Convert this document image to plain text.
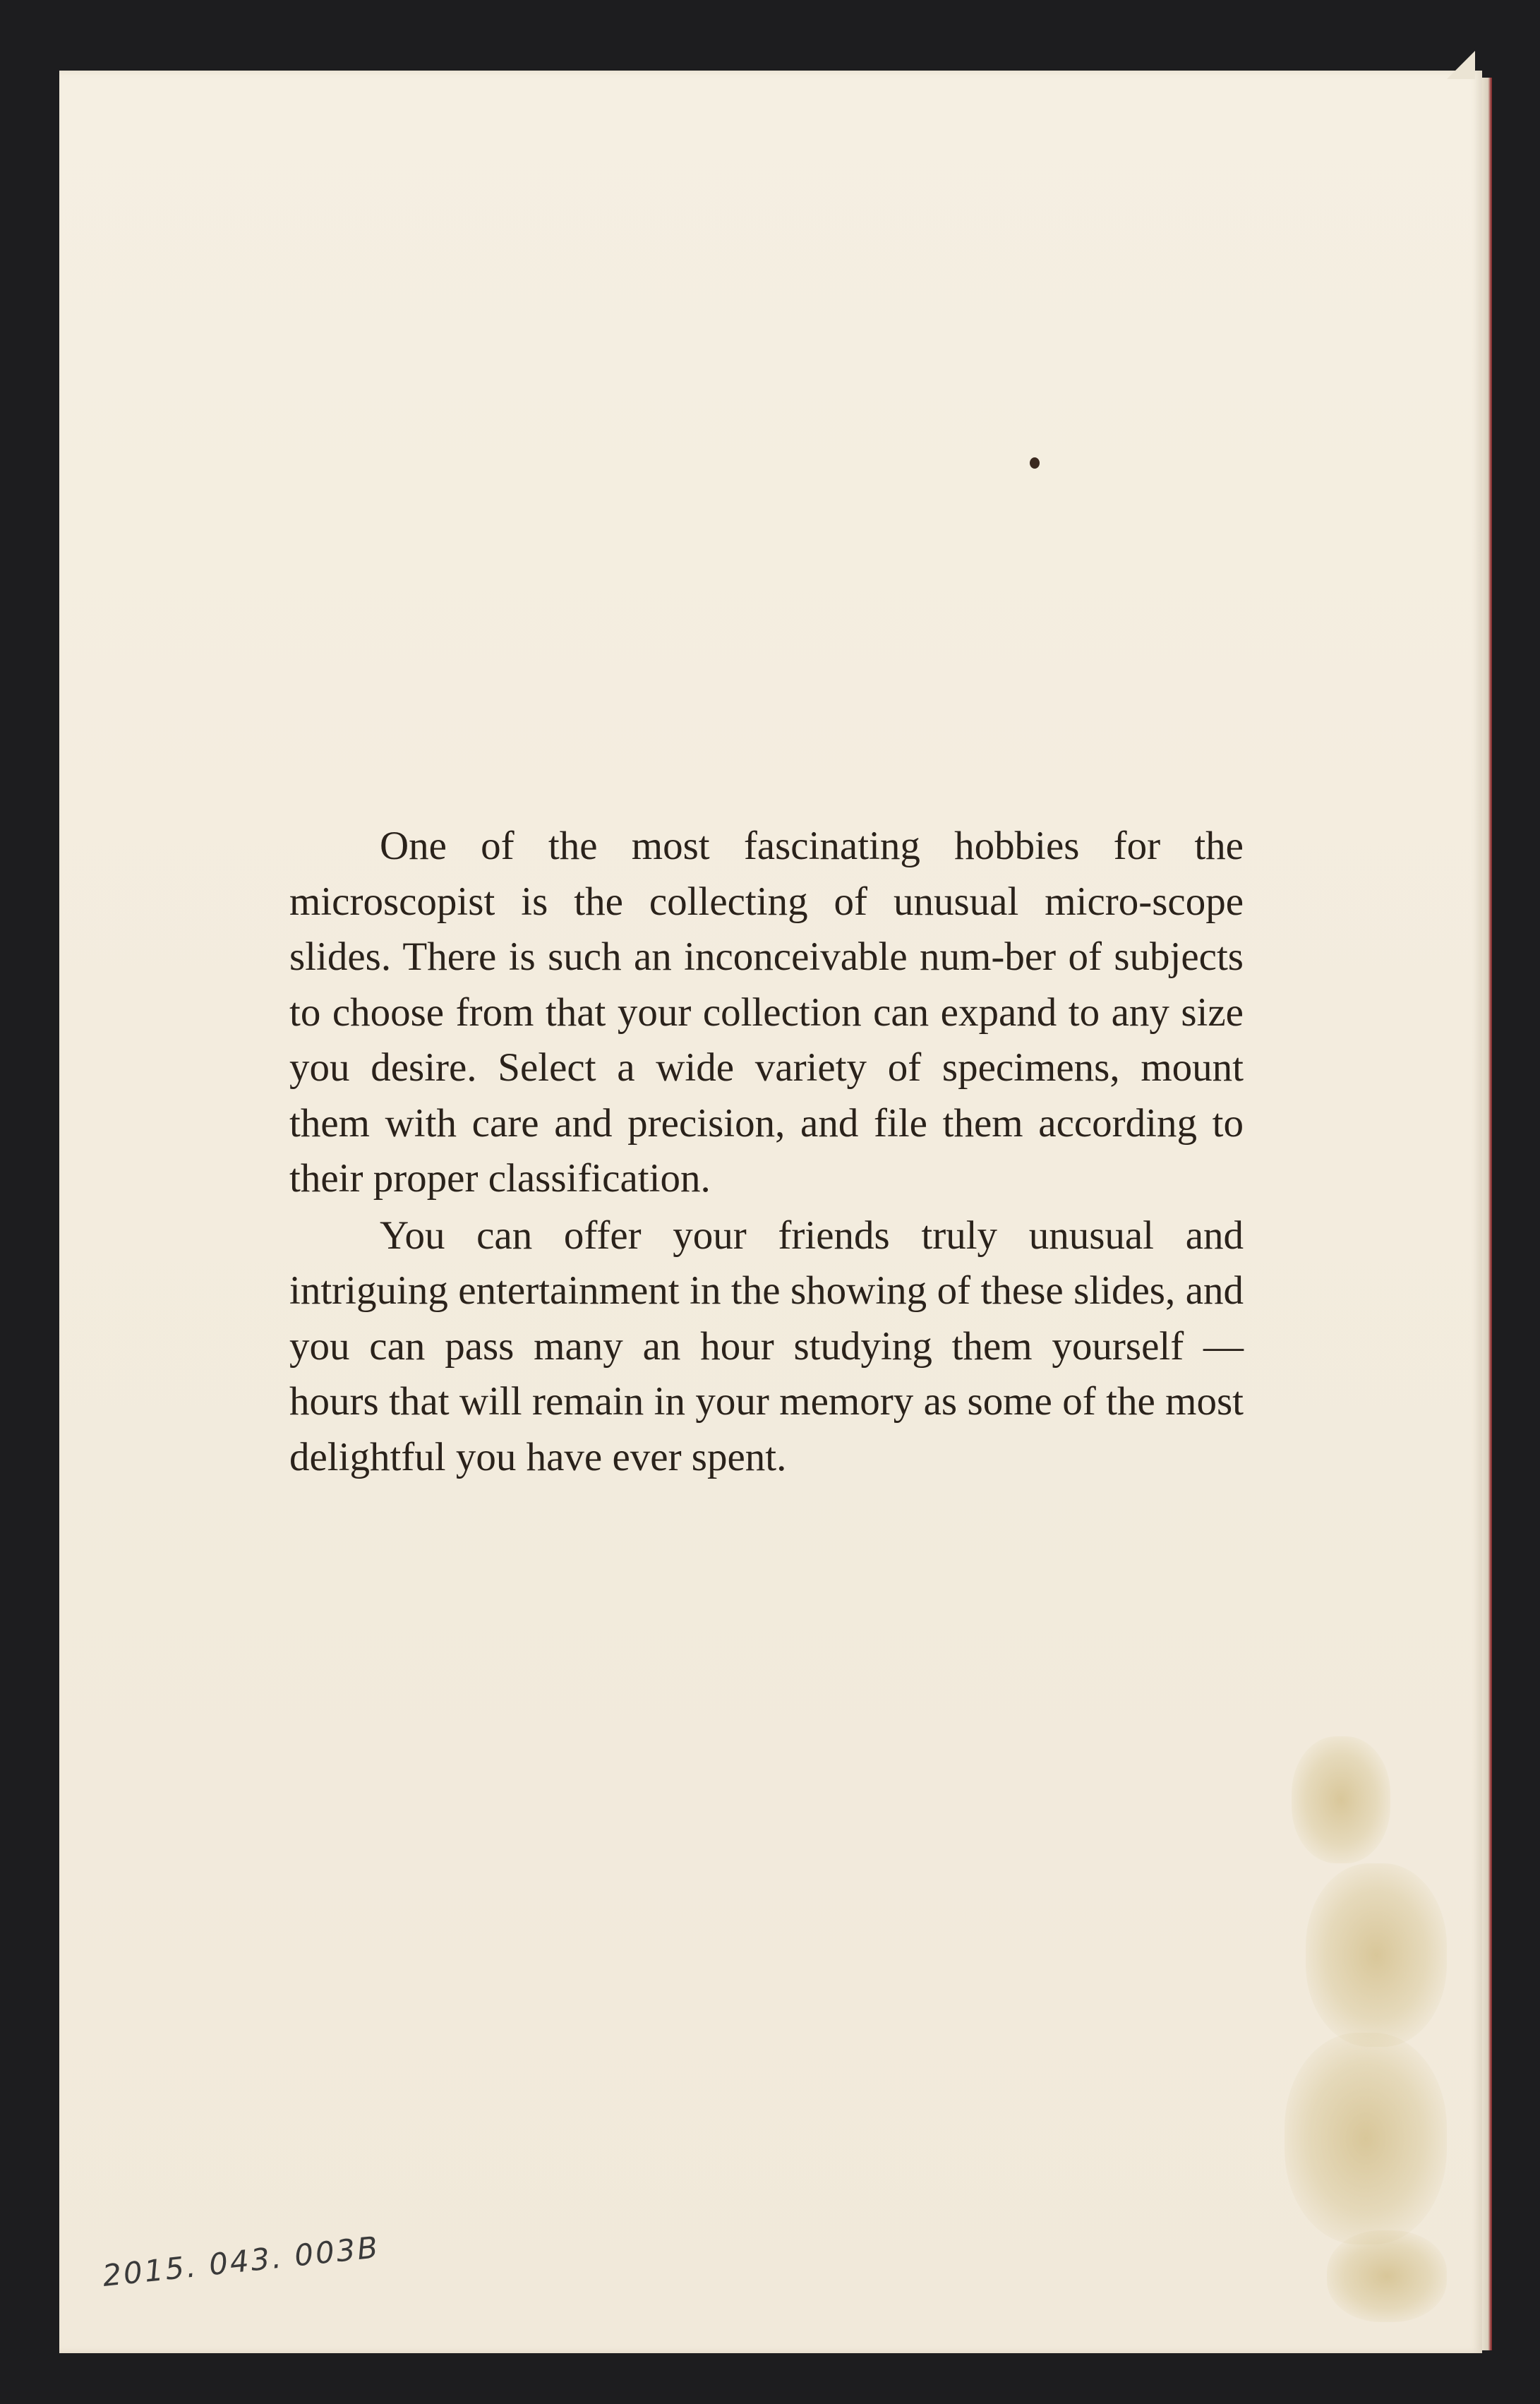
One of the most fascinating hobbies for the microscopist is the collecting of unusual micro-scope slides. There is such an inconceivable num-ber of subjects to choose from that your collection can expand to any size you desire. Select a wide variety of specimens, mount them with care and precision, and file them according to their proper classification.

You can offer your friends truly unusual and intriguing entertainment in the showing of these slides, and you can pass many an hour studying them yourself — hours that will remain in your memory as some of the most delightful you have ever spent.

2015. 043. 003B
